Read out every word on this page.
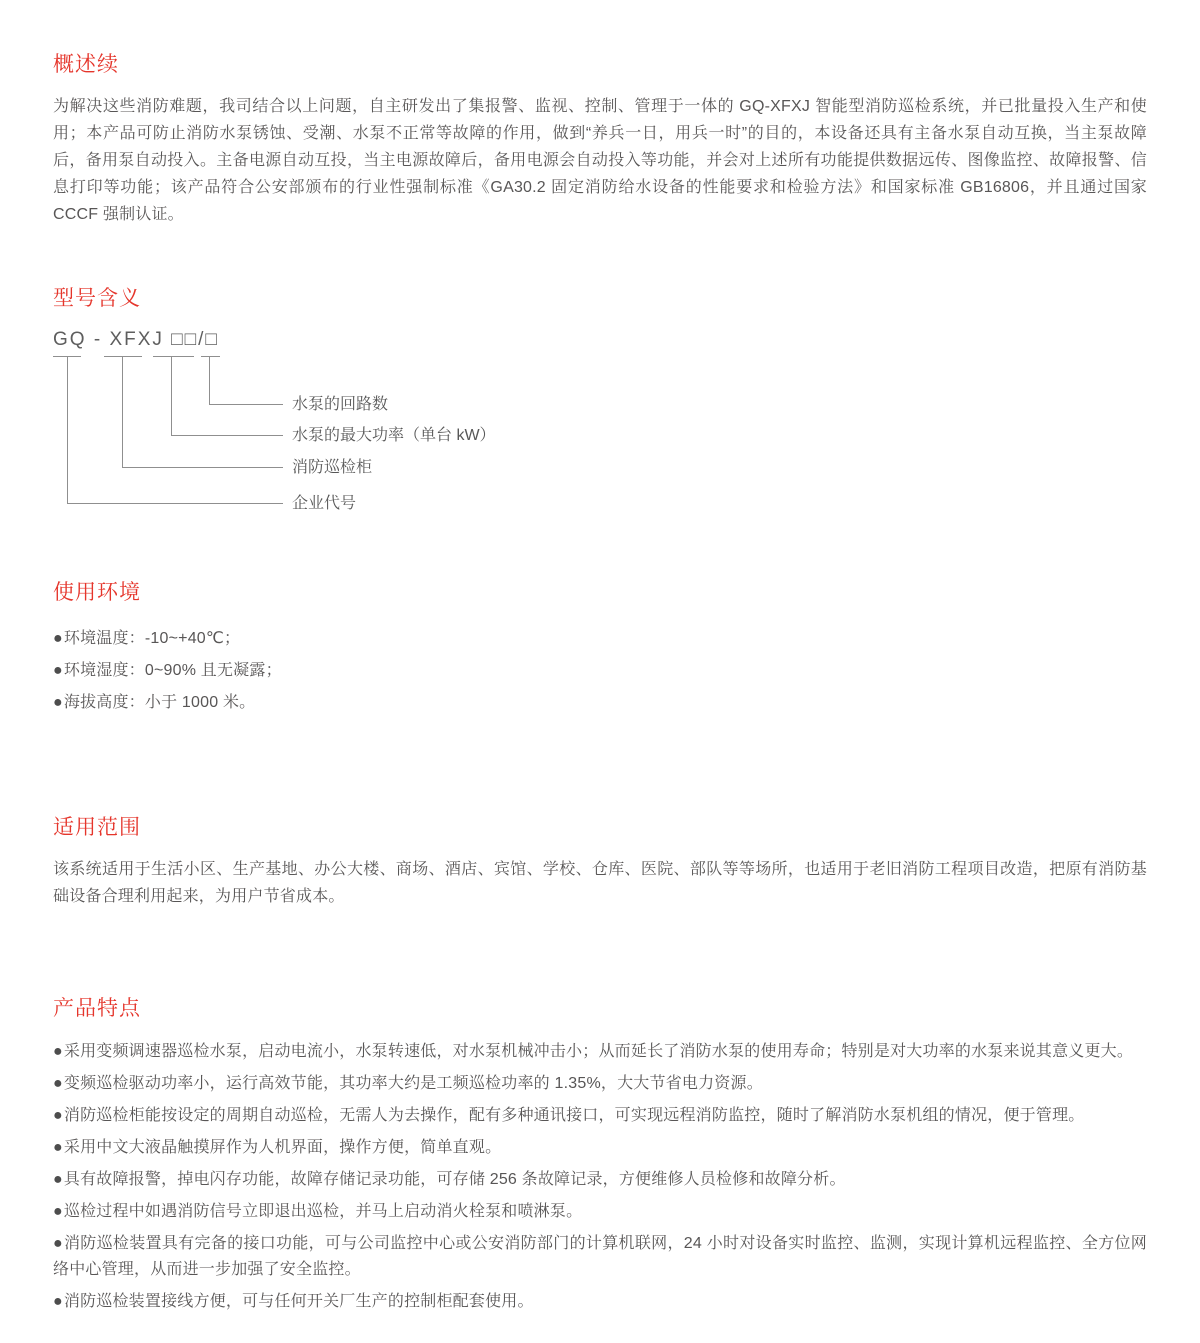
概述续

为解决这些消防难题，我司结合以上问题，自主研发出了集报警、监视、控制、管理于一体的 GQ-XFXJ 智能型消防巡检系统，并已批量投入生产和使用；本产品可防止消防水泵锈蚀、受潮、水泵不正常等故障的作用，做到“养兵一日，用兵一时”的目的，本设备还具有主备水泵自动互换，当主泵故障后，备用泵自动投入。主备电源自动互投，当主电源故障后，备用电源会自动投入等功能，并会对上述所有功能提供数据远传、图像监控、故障报警、信息打印等功能；该产品符合公安部颁布的行业性强制标准《GA30.2 固定消防给水设备的性能要求和检验方法》和国家标准 GB16806，并且通过国家 CCCF 强制认证。

型号含义
GQ - XFXJ □□/□
水泵的回路数
水泵的最大功率（单台 kW）
消防巡检柜
企业代号
使用环境
●环境温度：-10~+40℃；
●环境湿度：0~90% 且无凝露；
●海拔高度：小于 1000 米。
适用范围

该系统适用于生活小区、生产基地、办公大楼、商场、酒店、宾馆、学校、仓库、医院、部队等等场所，也适用于老旧消防工程项目改造，把原有消防基础设备合理利用起来，为用户节省成本。

产品特点
●采用变频调速器巡检水泵，启动电流小，水泵转速低，对水泵机械冲击小；从而延长了消防水泵的使用寿命；特别是对大功率的水泵来说其意义更大。
●变频巡检驱动功率小，运行高效节能，其功率大约是工频巡检功率的 1.35%，大大节省电力资源。
●消防巡检柜能按设定的周期自动巡检，无需人为去操作，配有多种通讯接口，可实现远程消防监控，随时了解消防水泵机组的情况，便于管理。
●采用中文大液晶触摸屏作为人机界面，操作方便，简单直观。
●具有故障报警，掉电闪存功能，故障存储记录功能，可存储 256 条故障记录，方便维修人员检修和故障分析。
●巡检过程中如遇消防信号立即退出巡检，并马上启动消火栓泵和喷淋泵。
●消防巡检装置具有完备的接口功能，可与公司监控中心或公安消防部门的计算机联网，24 小时对设备实时监控、监测，实现计算机远程监控、全方位网络中心管理，从而进一步加强了安全监控。
●消防巡检装置接线方便，可与任何开关厂生产的控制柜配套使用。
